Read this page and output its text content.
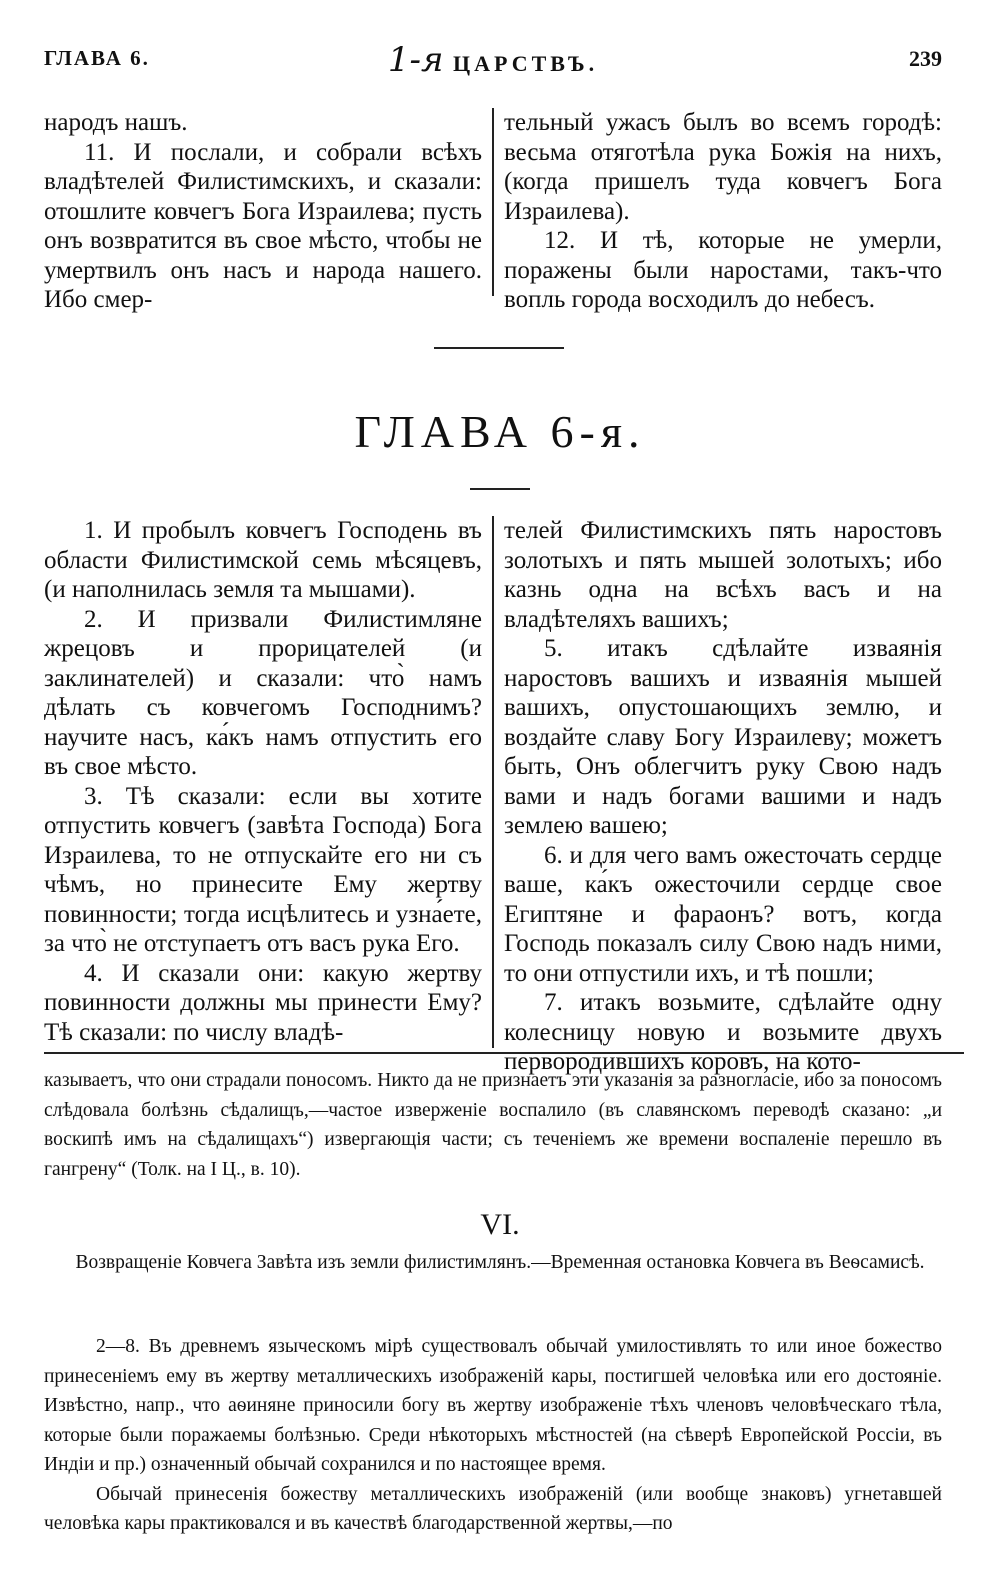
ГЛАВА 6.	1-я ЦАРСТВЪ.	239

народъ нашъ.

11. И послали, и собрали всѣхъ владѣтелей Филистимскихъ, и сказали: отошлите ковчегъ Бога Израилева; пусть онъ возвратится въ свое мѣсто, чтобы не умертвилъ онъ насъ и народа нашего. Ибо смер-

тельный ужасъ былъ во всемъ городѣ: весьма отяготѣла рука Божія на нихъ, (когда пришелъ туда ковчегъ Бога Израилева).

12. И тѣ, которые не умерли, поражены были наростами, такъ-что вопль города восходилъ до небесъ.

ГЛАВА 6-я.

1. И пробылъ ковчегъ Господень въ области Филистимской семь мѣсяцевъ, (и наполнилась земля та мышами).

2. И призвали Филистимляне жрецовъ и прорицателей (и заклинателей) и сказали: что̀ намъ дѣлать съ ковчегомъ Господнимъ? научите насъ, ка́къ намъ отпустить его въ свое мѣсто.

3. Тѣ сказали: если вы хотите отпустить ковчегъ (завѣта Господа) Бога Израилева, то не отпускайте его ни съ чѣмъ, но принесите Ему жертву повинности; тогда исцѣлитесь и узна́ете, за что̀ не отступаетъ отъ васъ рука Его.

4. И сказали они: какую жертву повинности должны мы принести Ему? Тѣ сказали: по числу владѣ-

телей Филистимскихъ пять наростовъ золотыхъ и пять мышей золотыхъ; ибо казнь одна на всѣхъ васъ и на владѣтеляхъ вашихъ;

5. итакъ сдѣлайте изваянія наростовъ вашихъ и изваянія мышей вашихъ, опустошающихъ землю, и воздайте славу Богу Израилеву; можетъ быть, Онъ облегчитъ руку Свою надъ вами и надъ богами вашими и надъ землею вашею;

6. и для чего вамъ ожесточать сердце ваше, ка́къ ожесточили сердце свое Египтяне и фараонъ? вотъ, когда Господь показалъ силу Свою надъ ними, то они отпустили ихъ, и тѣ пошли;

7. итакъ возьмите, сдѣлайте одну колесницу новую и возьмите двухъ первородившихъ коровъ, на кото-

казываетъ, что они страдали поносомъ. Никто да не признаетъ эти указанія за разногласіе, ибо за поносомъ слѣдовала болѣзнь сѣдалищъ,—частое изверженіе воспалило (въ славянскомъ переводѣ сказано: „и воскипѣ имъ на сѣдалищахъ“) извергающія части; съ теченіемъ же времени воспаленіе перешло въ гангрену“ (Толк. на I Ц., в. 10).

VI.
Возвращеніе Ковчега Завѣта изъ земли филистимлянъ.—Временная остановка Ковчега въ Веѳсамисѣ.

2—8. Въ древнемъ языческомъ мірѣ существовалъ обычай умилостивлять то или иное божество принесеніемъ ему въ жертву металлическихъ изображеній кары, постигшей человѣка или его достояніе. Извѣстно, напр., что аѳиняне приносили богу въ жертву изображеніе тѣхъ членовъ человѣческаго тѣла, которые были поражаемы болѣзнью. Среди нѣкоторыхъ мѣстностей (на сѣверѣ Европейской Россіи, въ Индіи и пр.) означенный обычай сохранился и по настоящее время.

Обычай принесенія божеству металлическихъ изображеній (или вообще знаковъ) угнетавшей человѣка кары практиковался и въ качествѣ благодарственной жертвы,—по
